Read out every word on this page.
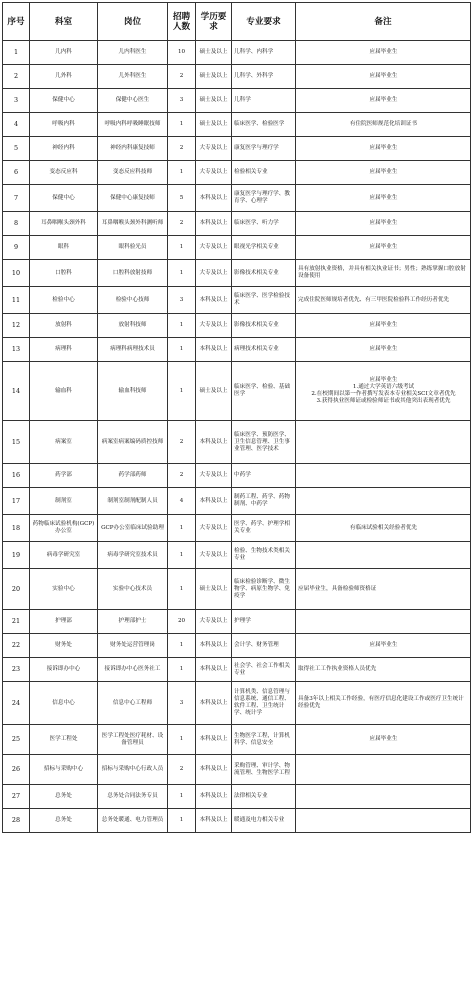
序号	科室	岗位	招聘人数	学历要求	专业要求	备注
1	儿内科	儿内科医生	10	硕士及以上	儿科学、内科学	应届毕业生
2	儿外科	儿外科医生	2	硕士及以上	儿科学、外科学	应届毕业生
3	保健中心	保健中心医生	3	硕士及以上	儿科学	应届毕业生
4	呼吸内科	呼吸内科呼吸睡眠技师	1	硕士及以上	临床医学、检验医学	有住院医师规范化培训证书
5	神经内科	神经内科康复技师	2	大专及以上	康复医学与理疗学	应届毕业生
6	变态反应科	变态反应科技师	1	大专及以上	检验相关专业	应届毕业生
7	保健中心	保健中心康复技师	5	本科及以上	康复医学与理疗学、教育学、心理学	应届毕业生
8	耳鼻咽喉头颈外科	耳鼻咽喉头颈外科测听师	2	本科及以上	临床医学、听力学	应届毕业生
9	眼科	眼科验光员	1	大专及以上	眼视光学相关专业	应届毕业生
10	口腔科	口腔科放射技师	1	大专及以上	影像技术相关专业	具有放射执业资格，并具有相关执业证书；男性；熟练掌握口腔放射设备使用
11	检验中心	检验中心技师	3	本科及以上	临床医学、医学检验技术	完成住院医师规培者优先、有三甲医院检验科工作经历者优先
12	放射科	放射科技师	1	大专及以上	影像技术相关专业	应届毕业生
13	病理科	病理科病理技术员	1	本科及以上	病理技术相关专业	应届毕业生
14	输血科	输血科技师	1	硕士及以上	临床医学、检验、基础医学	应届毕业生
1.通过大学英语六级考试
2.在校期间以第一作者撰写发表本专业相关SCI文章者优先
3.获得执业医师证或检验师证书或其他突出表现者优先
15	病案室	病案室病案编码质控技师	2	本科及以上	临床医学、预防医学、卫生信息管理、卫生事业管理、医学技术	
16	药学部	药学部药师	2	大专及以上	中药学	
17	制剂室	制剂室制剂配制人员	4	本科及以上	制药工程、药学、药物制剂、中药学	
18	药物临床试验机构(GCP)办公室	GCP办公室临床试验助理	1	大专及以上	医学、药学、护理学相关专业	有临床试验相关经验者优先
19	病毒学研究室	病毒学研究室技术员	1	大专及以上	检验、生物技术类相关专业	
20	实验中心	实验中心技术员	1	硕士及以上	临床检验诊断学、微生物学、病原生物学、免疫学	应届毕业生，具备检验师资格证
21	护理部	护理部护士	20	大专及以上	护理学	
22	财务处	财务处运营管理岗	1	本科及以上	会计学、财务管理	应届毕业生
23	接诉即办中心	接诉即办中心医务社工	1	本科及以上	社会学、社会工作相关专业	取得社工工作执业资格人员优先
24	信息中心	信息中心工程师	3	本科及以上	计算机类、信息管理与信息系统、通信工程、软件工程、卫生统计学、统计学	具备3年以上相关工作经验，有医疗信息化建设工作或医疗卫生统计经验优先
25	医学工程处	医学工程处医疗耗材、设备管理员	1	本科及以上	生物医学工程，计算机科学、信息安全	应届毕业生
26	招标与采购中心	招标与采购中心行政人员	2	本科及以上	采购管理、审计学、物流管理、生物医学工程	
27	总务处	总务处合同法务专员	1	本科及以上	法律相关专业	
28	总务处	总务处暖通、电力管理员	1	本科及以上	暖通及电力相关专业	
